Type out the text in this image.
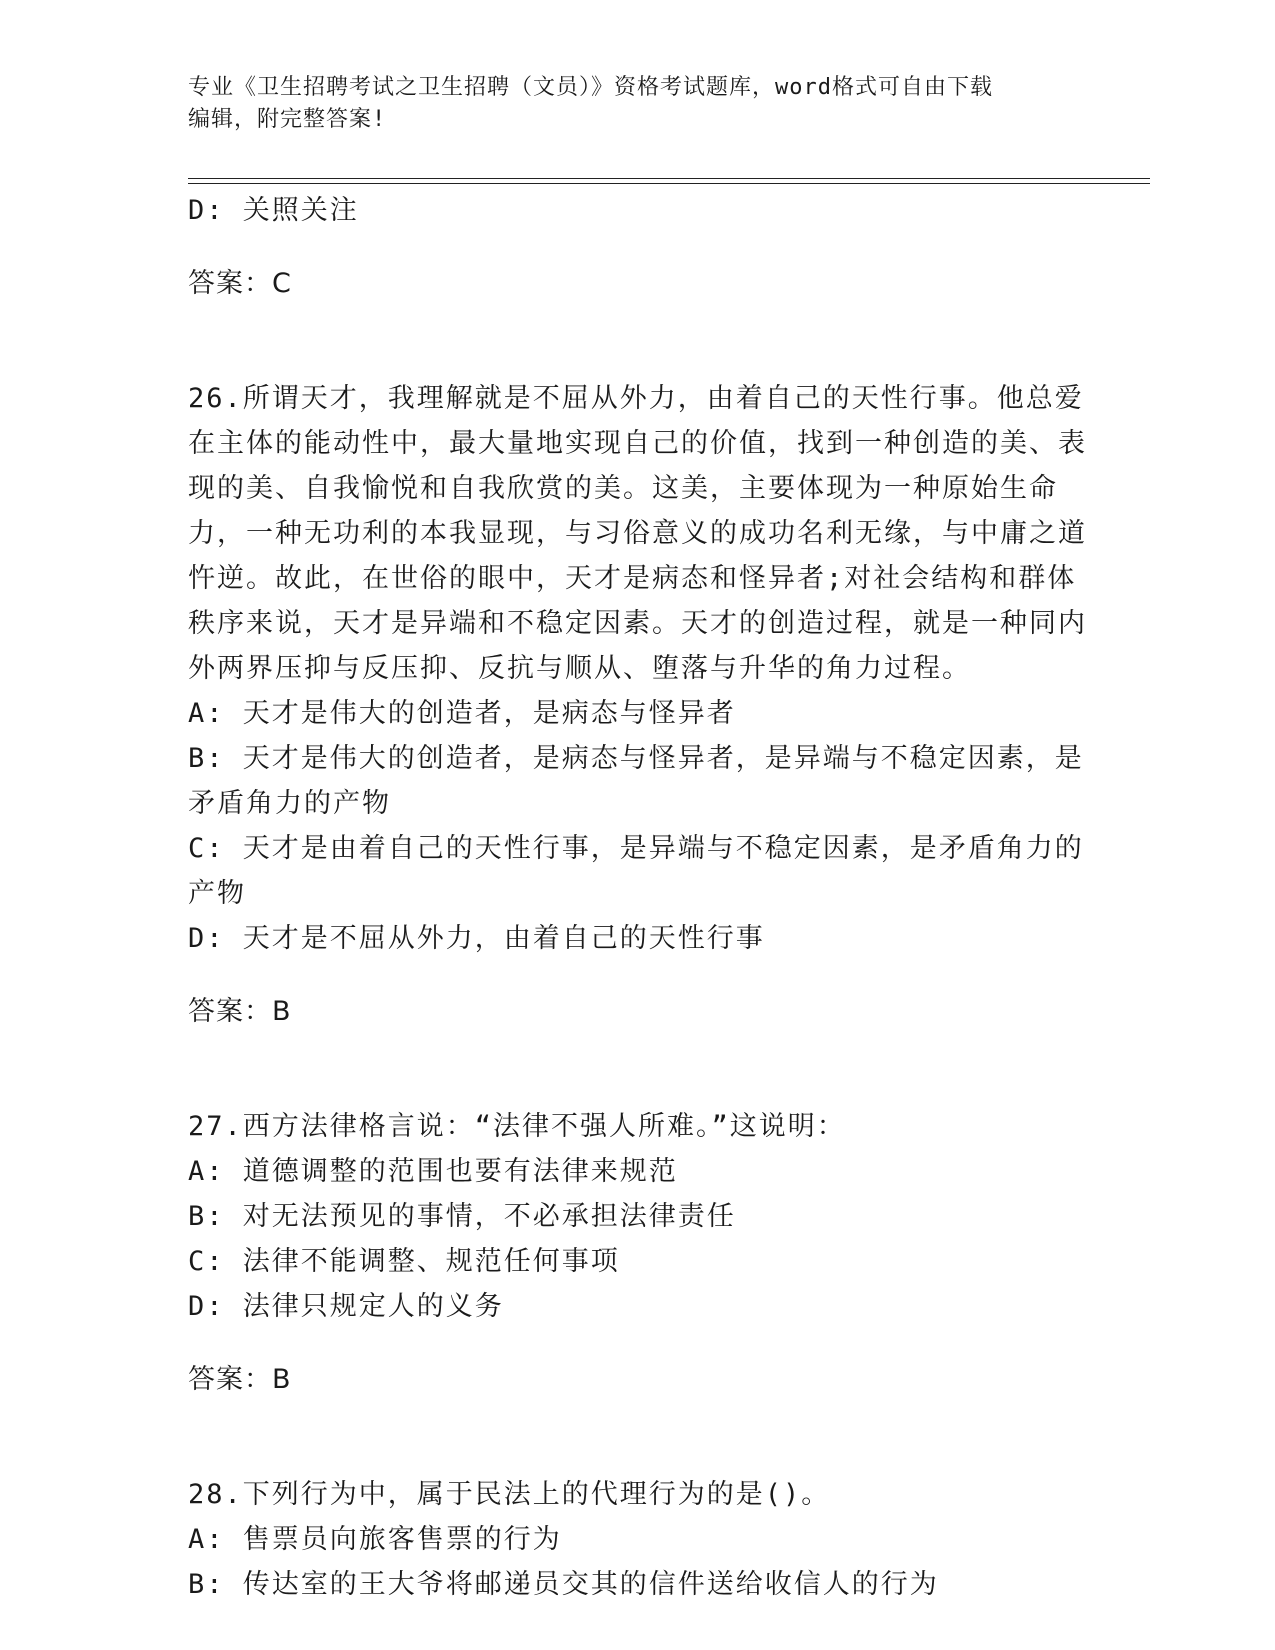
专业《卫生招聘考试之卫生招聘（文员）》资格考试题库，word格式可自由下载
编辑，附完整答案!

D: 关照关注

答案：C

26.所谓天才，我理解就是不屈从外力，由着自己的天性行事。他总爱在主体的能动性中，最大量地实现自己的价值，找到一种创造的美、表现的美、自我愉悦和自我欣赏的美。这美，主要体现为一种原始生命力，一种无功利的本我显现，与习俗意义的成功名利无缘，与中庸之道忤逆。故此，在世俗的眼中，天才是病态和怪异者;对社会结构和群体秩序来说，天才是异端和不稳定因素。天才的创造过程，就是一种同内外两界压抑与反压抑、反抗与顺从、堕落与升华的角力过程。

A: 天才是伟大的创造者，是病态与怪异者

B: 天才是伟大的创造者，是病态与怪异者，是异端与不稳定因素，是矛盾角力的产物

C: 天才是由着自己的天性行事，是异端与不稳定因素，是矛盾角力的产物

D: 天才是不屈从外力，由着自己的天性行事

答案：B

27.西方法律格言说：“法律不强人所难。”这说明：

A: 道德调整的范围也要有法律来规范

B: 对无法预见的事情，不必承担法律责任

C: 法律不能调整、规范任何事项

D: 法律只规定人的义务

答案：B

28.下列行为中，属于民法上的代理行为的是()。

A: 售票员向旅客售票的行为

B: 传达室的王大爷将邮递员交其的信件送给收信人的行为
